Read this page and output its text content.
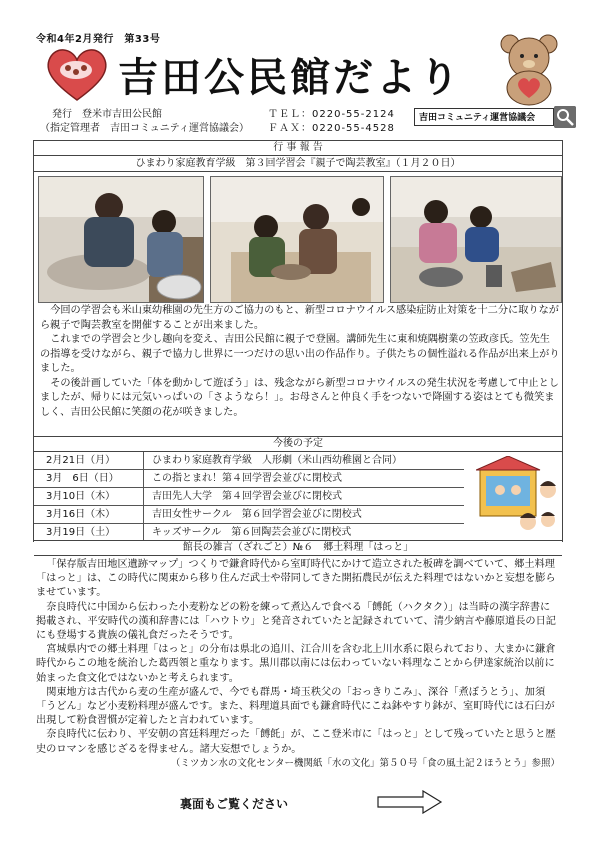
令和4年2月発行　第33号
吉田公民館だより
発行　登米市吉田公民館
（指定管理者　吉田コミュニティ運営協議会）
ＴＥＬ：0220-55-2124
ＦＡＸ：0220-55-4528
吉田コミュニティ運営協議会
行 事 報 告
ひまわり家庭教育学級　第３回学習会『親子で陶芸教室』（１月２０日）

今回の学習会も米山東幼稚園の先生方のご協力のもと、新型コロナウイルス感染症防止対策を十二分に取りながら親子で陶芸教室を開催することが出来ました。

これまでの学習会と少し趣向を変え、吉田公民館に親子で登園。講師先生に東和焼隅樹業の笠政彦氏。笠先生の指導を受けながら、親子で協力し世界に一つだけの思い出の作品作り。子供たちの個性溢れる作品が出来上がりました。

その後計画していた「体を動かして遊ぼう」は、残念ながら新型コロナウイルスの発生状況を考慮して中止としましたが、帰りには元気いっぱいの「さようなら！」。お母さんと仲良く手をつないで降園する姿はとても微笑ましく、吉田公民館に笑顔の花が咲きました。

今後の予定
2月21日（月）	ひまわり家庭教育学級　人形劇（米山西幼稚園と合同）
3月　6日（日）	この指とまれ！第４回学習会並びに閉校式
3月10日（木）	吉田先人大学　第４回学習会並びに閉校式
3月16日（木）	吉田女性サークル　第６回学習会並びに閉校式
3月19日（土）	キッズサークル　第６回陶芸会並びに閉校式
館長の雑言（ざれごと）№６　郷土料理「はっと」

「保存版吉田地区遺跡マップ」つくりで鎌倉時代から室町時代にかけて造立された板碑を調べていて、郷土料理「はっと」は、この時代に関東から移り住んだ武士や帯同してきた開拓農民が伝えた料理ではないかと妄想を膨らませています。

奈良時代に中国から伝わった小麦粉などの粉を練って煮込んで食べる「餺飥（ハクタク）」は当時の漢字辞書に掲載され、平安時代の漢和辞書には「ハウトウ」と発音されていたと記録されていて、清少納言や藤原道長の日記にも登場する貴族の儀礼食だったそうです。

宮城県内での郷土料理「はっと」の分布は県北の追川、江合川を含む北上川水系に限られており、大まかに鎌倉時代からこの地を統治した葛西領と重なります。黒川郡以南には伝わっていない料理なことから伊達家統治以前に始まった食文化ではないかと考えられます。

関東地方は古代から麦の生産が盛んで、今でも群馬・埼玉秩父の「おっきりこみ」、深谷「煮ぼうとう」、加須「うどん」など小麦粉料理が盛んです。また、料理道具面でも鎌倉時代にこね鉢やすり鉢が、室町時代には石臼が出現して粉食習慣が定着したと言われています。

奈良時代に伝わり、平安朝の宮廷料理だった「餺飥」が、ここ登米市に「はっと」として残っていたと思うと歴史のロマンを感じざるを得ません。諸大妄想でしょうか。

（ミツカン水の文化センター機関紙「水の文化」第５０号「食の風土記２ほうとう」参照）

裏面もご覧ください
